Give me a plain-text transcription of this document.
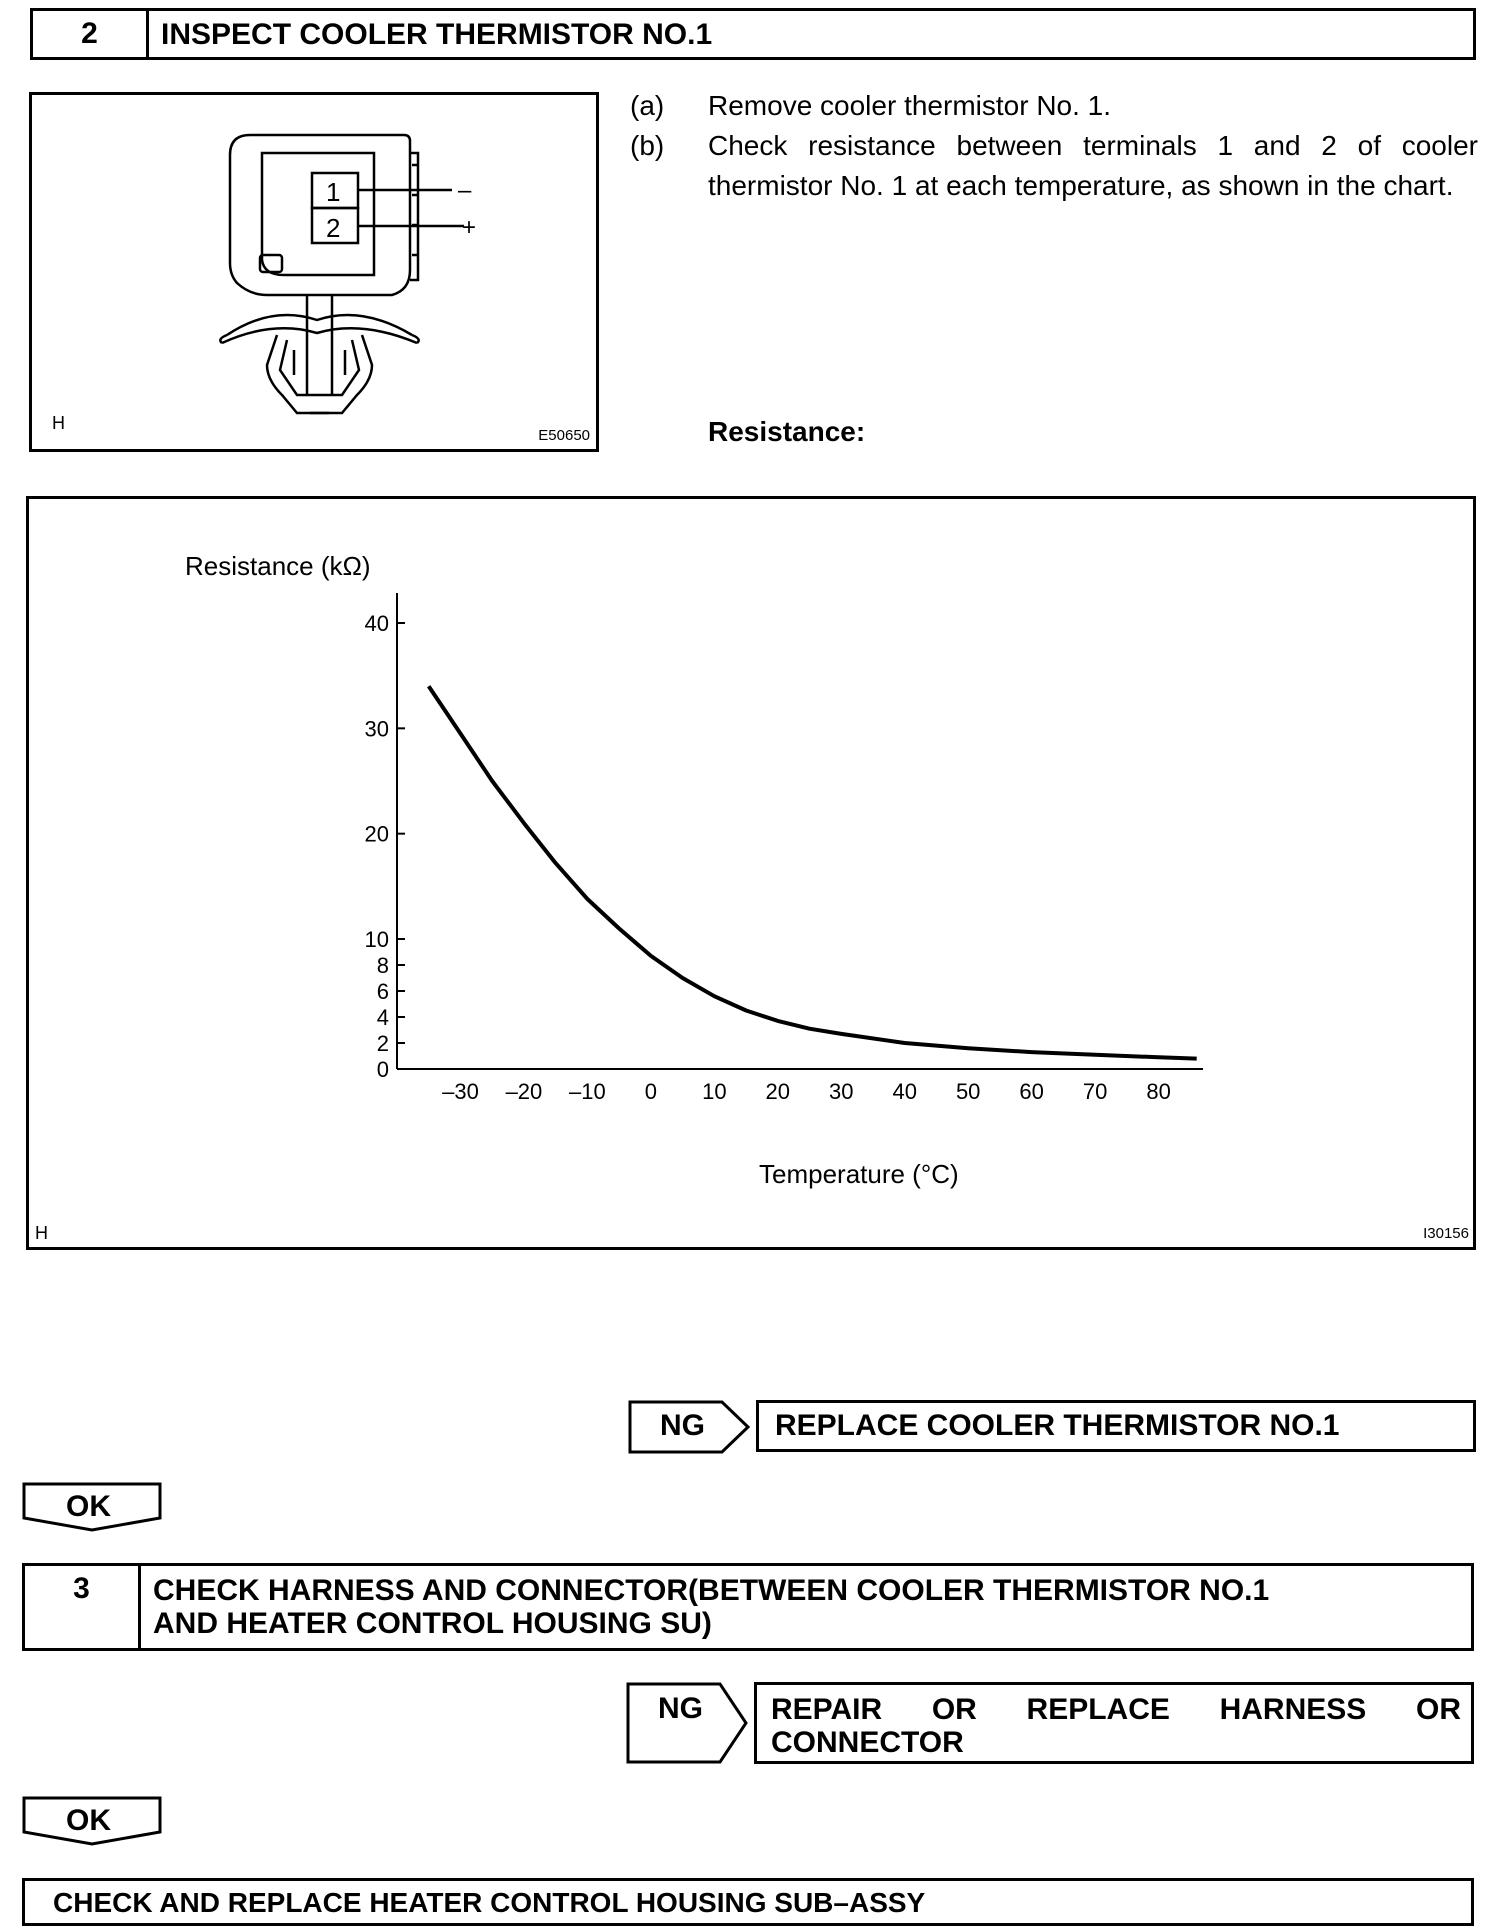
2	INSPECT COOLER THERMISTOR NO.1
1
2
–
+
H
E50650
(a) Remove cooler thermistor No. 1.
(b) Check resistance between terminals 1 and 2 of cooler thermistor No. 1 at each temperature, as shown in the chart.
Resistance:
0
2
4
6
8
10
20
30
40
–30 –20 –10 0 10 20 30 40 50 60 70 80
Resistance (kΩ)
Temperature (°C)
H	I30156
NG	REPLACE COOLER THERMISTOR NO.1
OK
3	CHECK HARNESS AND CONNECTOR(BETWEEN COOLER THERMISTOR NO.1
AND HEATER CONTROL HOUSING SU)
NG REPAIR OR REPLACE HARNESS OR
CONNECTOR
OK
CHECK AND REPLACE HEATER CONTROL HOUSING SUB–ASSY
